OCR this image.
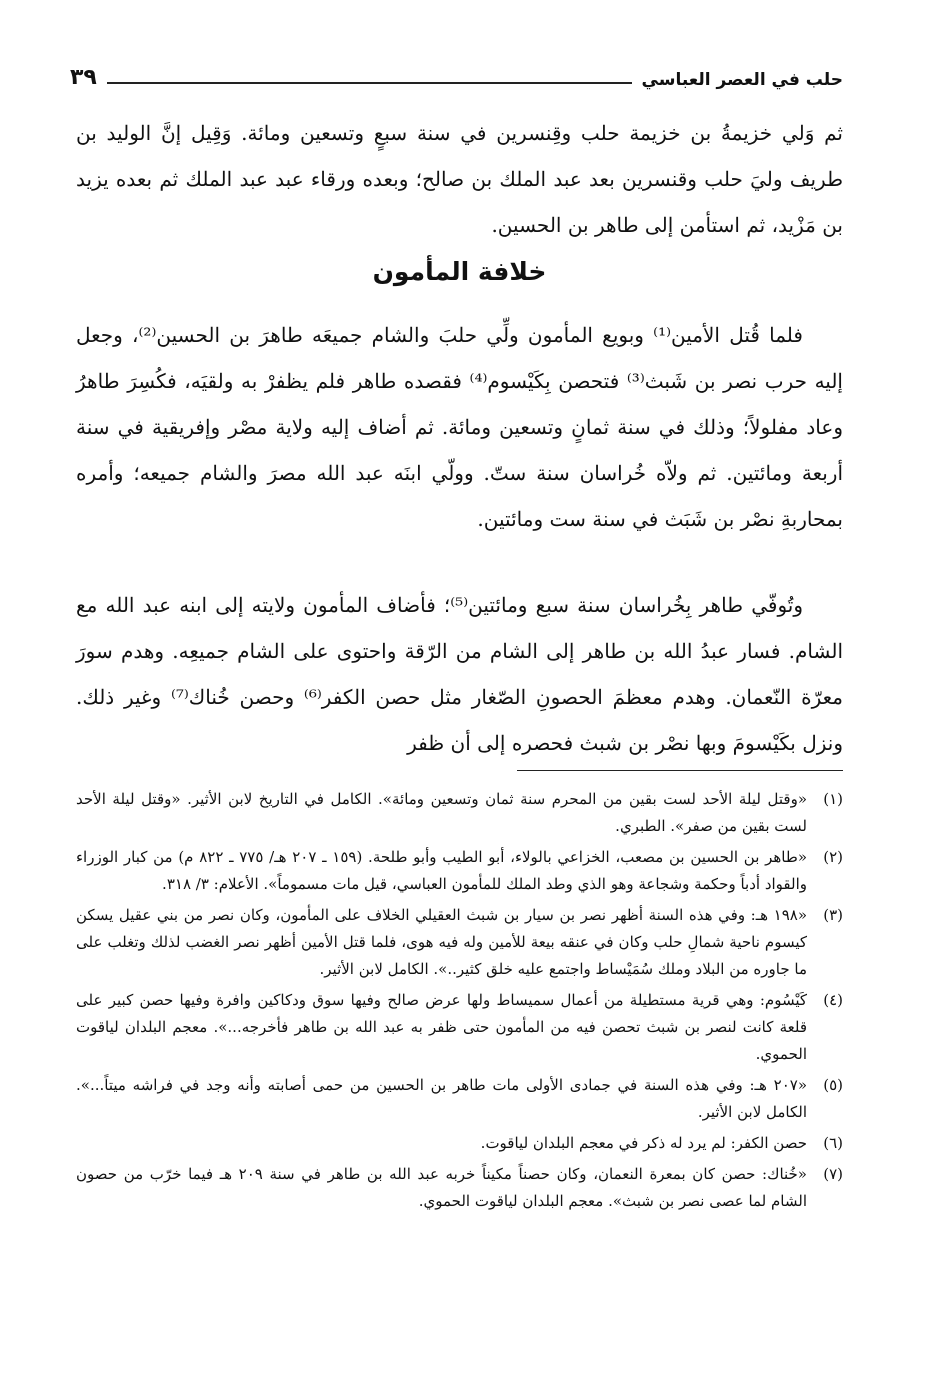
حلب في العصر العباسي
٣٩

ثم وَلي خزيمةُ بن خزيمة حلب وقِنسرين في سنة سبعٍ وتسعين ومائة. وَقِيل إنَّ الوليد بن طريف وليَ حلب وقنسرين بعد عبد الملك بن صالح؛ وبعده ورقاء عبد عبد الملك ثم بعده يزيد بن مَزْيد، ثم استأمن إلى طاهر بن الحسين.

خلافة المأمون

فلما قُتل الأمين⁽¹⁾ وبويع المأمون ولِّي حلبَ والشام جميعَه طاهرَ بن الحسين⁽²⁾، وجعل إليه حرب نصر بن شَبث⁽³⁾ فتحصن بِكَيْسوم⁽⁴⁾ فقصده طاهر فلم يظفرْ به ولقيَه، فكُسِرَ طاهرُ وعاد مفلولاً؛ وذلك في سنة ثمانٍ وتسعين ومائة. ثم أضاف إليه ولاية مصْر وإفريقية في سنة أربعة ومائتين. ثم ولاّه خُراسان سنة ستّ. وولّي ابنَه عبد الله مصرَ والشام جميعه؛ وأمره بمحاربةِ نصْر بن شَبَث في سنة ست ومائتين.

وتُوفّي طاهر بِخُراسان سنة سبع ومائتين⁽⁵⁾؛ فأضاف المأمون ولايته إلى ابنه عبد الله مع الشام. فسار عبدُ الله بن طاهر إلى الشام من الرّقة واحتوى على الشام جميعِه. وهدم سورَ معرّة النّعمان. وهدم معظمَ الحصونِ الصّغار مثل حصن الكفر⁽⁶⁾ وحصن خُناك⁽⁷⁾ وغير ذلك. ونزل بكَيْسومَ وبها نصْر بن شبث فحصره إلى أن ظفر

(١)
«وقتل ليلة الأحد لست بقين من المحرم سنة ثمان وتسعين ومائة». الكامل في التاريخ لابن الأثير. «وقتل ليلة الأحد لست بقين من صفر». الطبري.
(٢)
«طاهر بن الحسين بن مصعب، الخزاعي بالولاء، أبو الطيب وأبو طلحة. (١٥٩ ـ ٢٠٧ هـ/ ٧٧٥ ـ ٨٢٢ م) من كبار الوزراء والقواد أدباً وحكمة وشجاعة وهو الذي وطد الملك للمأمون العباسي، قيل مات مسموماً». الأعلام: ٣/ ٣١٨.
(٣)
«١٩٨ هـ: وفي هذه السنة أظهر نصر بن سيار بن شبث العقيلي الخلاف على المأمون، وكان نصر من بني عقيل يسكن كيسوم ناحية شمالِ حلب وكان في عنقه بيعة للأمين وله فيه هوى، فلما قتل الأمين أظهر نصر الغضب لذلك وتغلب على ما جاوره من البلاد وملك سُمَيْساط واجتمع عليه خلق كثير..». الكامل لابن الأثير.
(٤)
كَيْسُوم: وهي قرية مستطيلة من أعمال سميساط ولها عرض صالح وفيها سوق ودكاكين وافرة وفيها حصن كبير على قلعة كانت لنصر بن شبث تحصن فيه من المأمون حتى ظفر به عبد الله بن طاهر فأخرجه...». معجم البلدان لياقوت الحموي.
(٥)
«٢٠٧ هـ: وفي هذه السنة في جمادى الأولى مات طاهر بن الحسين من حمى أصابته وأنه وجد في فراشه ميتاً...». الكامل لابن الأثير.
(٦)
حصن الكفر: لم يرد له ذكر في معجم البلدان لياقوت.
(٧)
«خُناك: حصن كان بمعرة النعمان، وكان حصناً مكيناً خربه عبد الله بن طاهر في سنة ٢٠٩ هـ فيما خرّب من حصون الشام لما عصى نصر بن شبث». معجم البلدان لياقوت الحموي.
